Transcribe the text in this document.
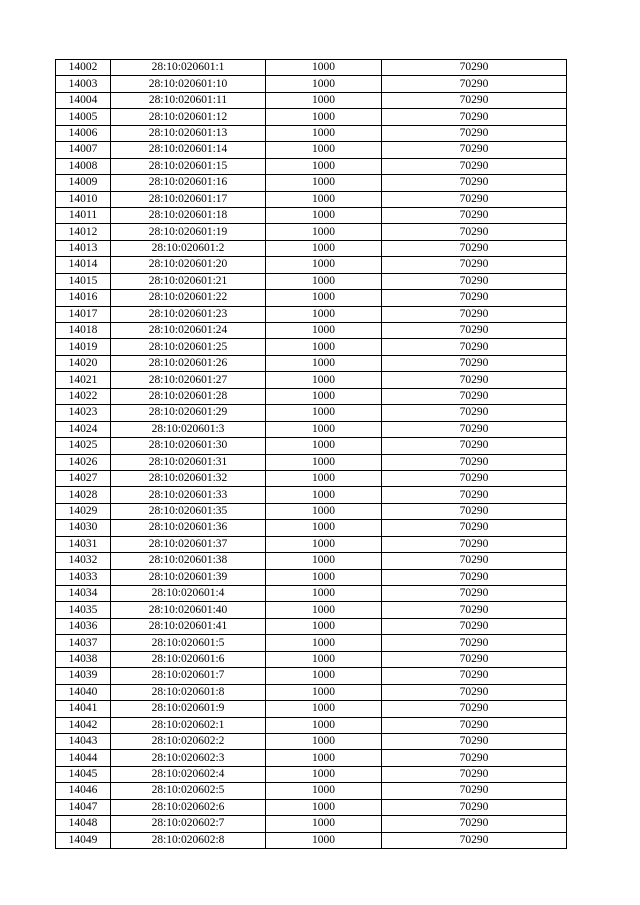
14002	28:10:020601:1	1000	70290
14003	28:10:020601:10	1000	70290
14004	28:10:020601:11	1000	70290
14005	28:10:020601:12	1000	70290
14006	28:10:020601:13	1000	70290
14007	28:10:020601:14	1000	70290
14008	28:10:020601:15	1000	70290
14009	28:10:020601:16	1000	70290
14010	28:10:020601:17	1000	70290
14011	28:10:020601:18	1000	70290
14012	28:10:020601:19	1000	70290
14013	28:10:020601:2	1000	70290
14014	28:10:020601:20	1000	70290
14015	28:10:020601:21	1000	70290
14016	28:10:020601:22	1000	70290
14017	28:10:020601:23	1000	70290
14018	28:10:020601:24	1000	70290
14019	28:10:020601:25	1000	70290
14020	28:10:020601:26	1000	70290
14021	28:10:020601:27	1000	70290
14022	28:10:020601:28	1000	70290
14023	28:10:020601:29	1000	70290
14024	28:10:020601:3	1000	70290
14025	28:10:020601:30	1000	70290
14026	28:10:020601:31	1000	70290
14027	28:10:020601:32	1000	70290
14028	28:10:020601:33	1000	70290
14029	28:10:020601:35	1000	70290
14030	28:10:020601:36	1000	70290
14031	28:10:020601:37	1000	70290
14032	28:10:020601:38	1000	70290
14033	28:10:020601:39	1000	70290
14034	28:10:020601:4	1000	70290
14035	28:10:020601:40	1000	70290
14036	28:10:020601:41	1000	70290
14037	28:10:020601:5	1000	70290
14038	28:10:020601:6	1000	70290
14039	28:10:020601:7	1000	70290
14040	28:10:020601:8	1000	70290
14041	28:10:020601:9	1000	70290
14042	28:10:020602:1	1000	70290
14043	28:10:020602:2	1000	70290
14044	28:10:020602:3	1000	70290
14045	28:10:020602:4	1000	70290
14046	28:10:020602:5	1000	70290
14047	28:10:020602:6	1000	70290
14048	28:10:020602:7	1000	70290
14049	28:10:020602:8	1000	70290
